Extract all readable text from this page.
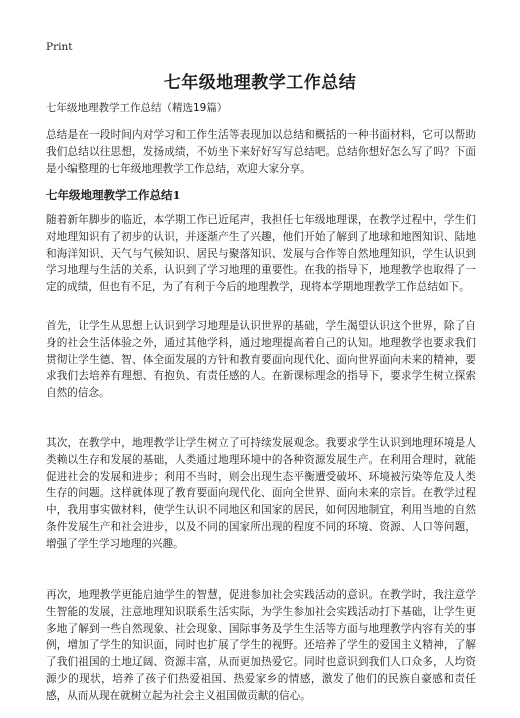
Print
七年级地理教学工作总结
七年级地理教学工作总结（精选19篇）
总结是在一段时间内对学习和工作生活等表现加以总结和概括的一种书面材料，它可以帮助我们总结以往思想，发扬成绩，不妨坐下来好好写写总结吧。总结你想好怎么写了吗？下面是小编整理的七年级地理教学工作总结，欢迎大家分享。
七年级地理教学工作总结1
随着新年脚步的临近，本学期工作已近尾声，我担任七年级地理课，在教学过程中，学生们对地理知识有了初步的认识，并逐渐产生了兴趣，他们开始了解到了地球和地图知识、陆地和海洋知识、天气与气候知识、居民与聚落知识、发展与合作等自然地理知识，学生认识到学习地理与生活的关系，认识到了学习地理的重要性。在我的指导下，地理教学也取得了一定的成绩，但也有不足，为了有利于今后的地理教学，现将本学期地理教学工作总结如下。
首先，让学生从思想上认识到学习地理是认识世界的基础，学生渴望认识这个世界，除了自身的社会生活体验之外，通过其他学科，通过地理提高着自己的认知。地理教学也要求我们贯彻让学生德、智、体全面发展的方针和教育要面向现代化、面向世界面向未来的精神，要求我们去培养有理想、有抱负、有责任感的人。在新课标理念的指导下，要求学生树立探索自然的信念。
其次，在教学中，地理教学让学生树立了可持续发展观念。我要求学生认识到地理环境是人类赖以生存和发展的基础，人类通过地理环境中的各种资源发展生产。在利用合理时，就能促进社会的发展和进步；利用不当时，则会出现生态平衡遭受破坏、环境被污染等危及人类生存的问题。这样就体现了教育要面向现代化、面向全世界、面向未来的宗旨。在教学过程中，我用事实做材料，使学生认识不同地区和国家的居民，如何因地制宜，利用当地的自然条件发展生产和社会进步，以及不同的国家所出现的程度不同的环境、资源、人口等问题，增强了学生学习地理的兴趣。
再次，地理教学更能启迪学生的智慧，促进参加社会实践活动的意识。在教学时，我注意学生智能的发展，注意地理知识联系生活实际，为学生参加社会实践活动打下基础，让学生更多地了解到一些自然现象、社会现象、国际事务及学生生活等方面与地理教学内容有关的事例，增加了学生的知识面，同时也扩展了学生的视野。还培养了学生的爱国主义精神，了解了我们祖国的土地辽阔、资源丰富，从而更加热爱它。同时也意识到我们人口众多，人均资源少的现状，培养了孩子们热爱祖国、热爱家乡的情感，激发了他们的民族自豪感和责任感，从而从现在就树立起为社会主义祖国做贡献的信心。
